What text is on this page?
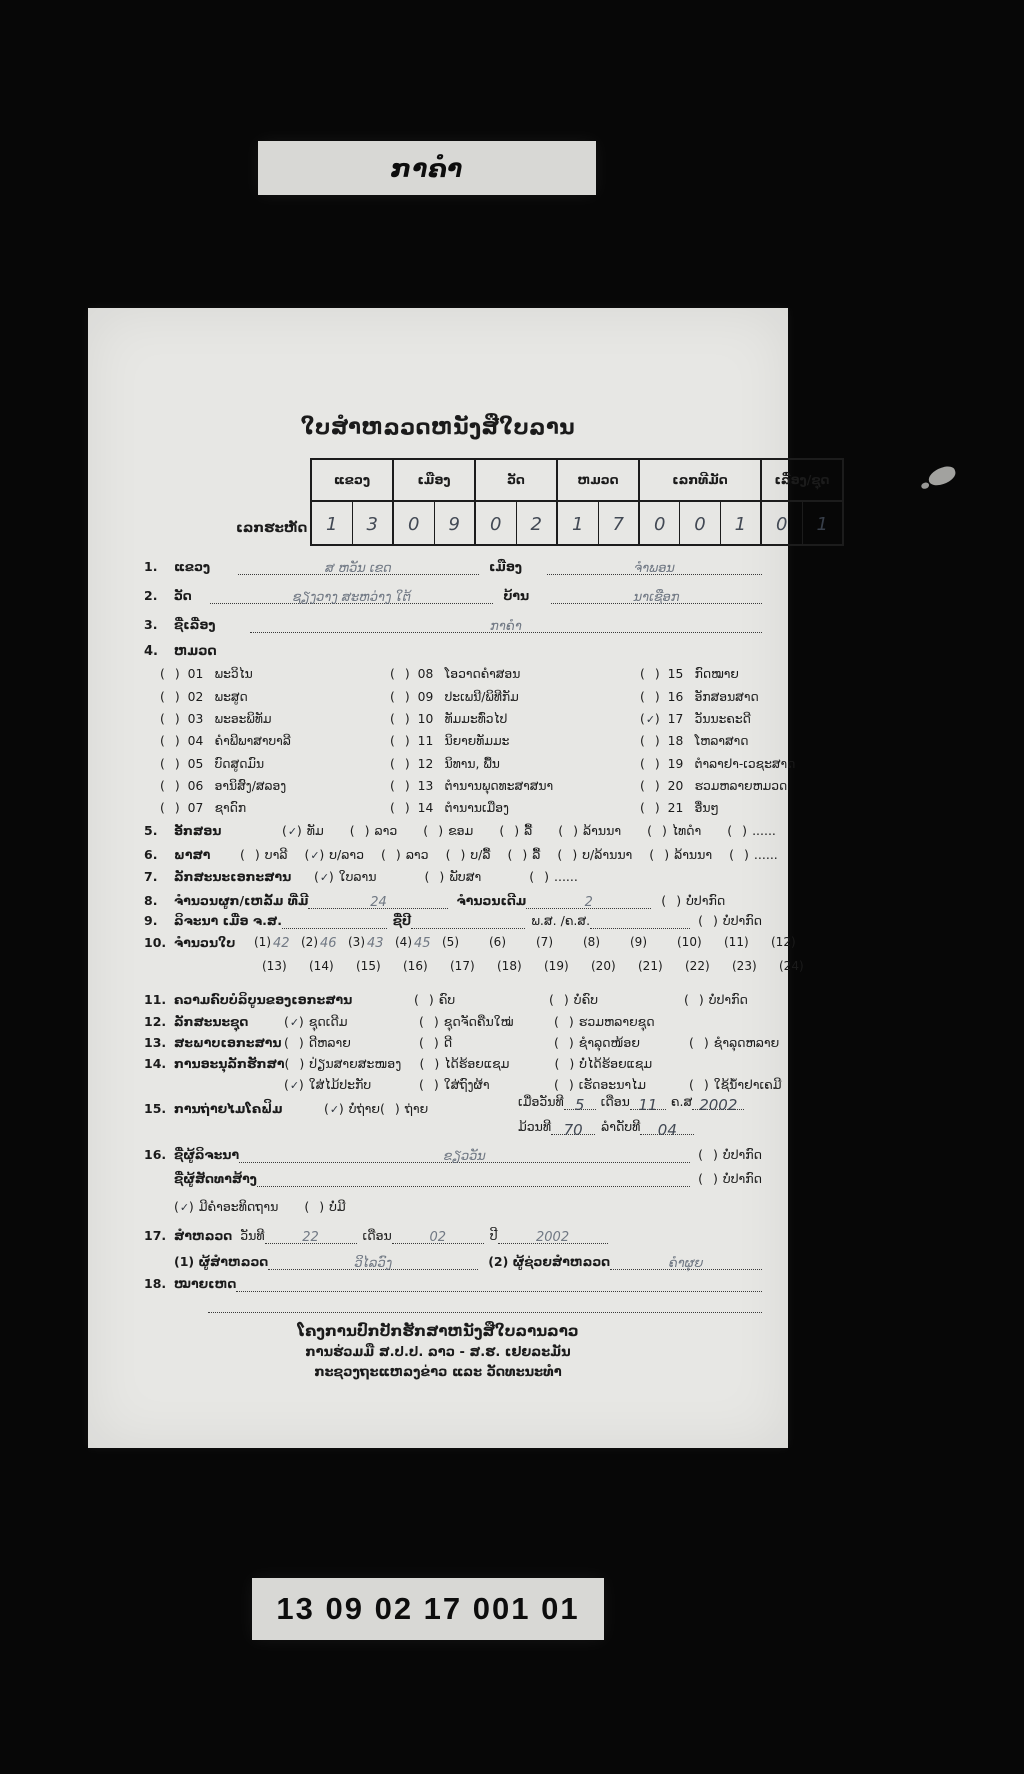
ກາຄຳ
ໃບສຳຫລວດຫນັງສືໃບລານ
ເລກຮະຫັດ
ແຂວງ
1 3
ເມືອງ
0 9
ວັດ
0 2
ຫມວດ
1 7
ເລກທີມັດ
0 0 1
ເລື່ອງ/ຊຸດ
0 1
1.	ແຂວງ	ສ ຫວັນ ເຂດ	ເມືອງ	ຈຳພອນ
2.	ວັດ	ຊຽງວາງ ສະຫວ່າງ ໃຕ້	ບ້ານ	ນາເຊືອກ
3.	ຊື່ເລື່ອງ	ກາຄຳ
4.	ຫມວດ
( ) 01 ພະວິໄນ
( ) 02 ພະສູດ
( ) 03 ພະອະພິທັມ
( ) 04 ຄຳພີພາສາບາລີ
( ) 05 ບົດສູດມົນ
( ) 06 ອານິສົງ/ສລອງ
( ) 07 ຊາດົກ
( ) 08 ໂອວາດຄຳສອນ
( ) 09 ປະເພນີ/ພິທີກັມ
( ) 10 ທັມມະທົ່ວໄປ
( ) 11 ນິຍາຍທັມມະ
( ) 12 ນິທານ, ພື້ນ
( ) 13 ຕຳນານພຸດທະສາສນາ
( ) 14 ຕຳນານເມືອງ
( ) 15 ກົດໝາຍ
( ) 16 ອັກສອນສາດ
(✓) 17 ວັນນະຄະດີ
( ) 18 ໂຫລາສາດ
( ) 19 ຕຳລາຢາ-ເວຊະສາດ
( ) 20 ຮວມຫລາຍຫມວດ
( ) 21 ອື່ນໆ
5.	ອັກສອນ	(✓) ທັມ ( ) ລາວ ( ) ຂອມ ( ) ລື້ ( ) ລ້ານນາ ( ) ໄທດຳ ( ) ......
6.	ພາສາ	( ) ບາລີ (✓) ບ/ລາວ ( ) ລາວ ( ) ບ/ລື້ ( ) ລື້ ( ) ບ/ລ້ານນາ ( ) ລ້ານນາ ( ) ......
7.	ລັກສະນະເອກະສານ	(✓) ໃບລານ	( ) ພັບສາ	( ) ......
8.	ຈຳນວນຜູກ/ເຫລັ້ມ ທີ່ມີ	24	ຈຳນວນເດີມ	2	( ) ບໍ່ປາກົດ
9.	ລິຈະນາ ເມື່ອ ຈ.ສ.	ຊື່ປີ	ພ.ສ. /ຄ.ສ.	( ) ບໍ່ປາກົດ
10. ຈຳນວນໃບ	(1) 42 (2) 46 (3) 43 (4) 45 (5)	(6)	(7)	(8)	(9)	(10) (11) (12)
(13) (14) (15) (16) (17) (18) (19) (20) (21) (22) (23) (24)
11. ຄວາມຄົບບໍລິບູນຂອງເອກະສານ	( ) ຄົບ	( ) ບໍ່ຄົບ	( ) ບໍ່ປາກົດ
12. ລັກສະນະຊຸດ	(✓) ຊຸດເດີມ	( ) ຊຸດຈັດຄືນໃໝ່	( ) ຮວມຫລາຍຊຸດ
13. ສະພາບເອກະສານ ( ) ດີຫລາຍ	( ) ດີ	( ) ຊຳລຸດໜ້ອຍ	( ) ຊຳລຸດຫລາຍ
14. ການອະນຸລັກຮັກສາ ( ) ປ່ຽນສາຍສະໜອງ ( ) ໄດ້ຮ້ອຍແຊມ	( ) ບໍ່ໄດ້ຮ້ອຍແຊມ
(✓) ໃສ່ໄມ້ປະກັບ	( ) ໃສ່ຖົງຜ້າ	( ) ເຮັດອະນາໄມ	( ) ໃຊ້ນ້ຳຢາເຄມີ
15. ການຖ່າຍໄມໂຄຟິມ	(✓) ບໍ່ຖ່າຍ ( ) ຖ່າຍ	ເມື່ອວັນທີ 5	ເດືອນ 11	ຄ.ສ 2002
ມ້ວນທີ 70	ລຳດັບທີ	04
16. ຊື່ຜູ້ລິຈະນາ	ຂຽວວັນ	( ) ບໍ່ປາກົດ
ຊື່ຜູ້ສັດທາສ້າງ	( ) ບໍ່ປາກົດ
(✓) ມີຄຳອະທິດຖານ ( ) ບໍ່ມີ
17. ສຳຫລວດ ວັນທີ	22	ເດືອນ	02	ປີ	2002
(1) ຜູ້ສຳຫລວດ	ວິໄລວົງ	(2) ຜູ້ຊ່ວຍສຳຫລວດ	ຄຳຜຸຍ
18. ໝາຍເຫດ
ໂຄງການປົກປັກຮັກສາຫນັງສືໃບລານລາວ
ການຮ່ວມມື ສ.ປ.ປ. ລາວ - ສ.ຮ. ເຢຍລະມັນ
ກະຊວງຖະແຫລງຂ່າວ ແລະ ວັດທະນະທຳ
13 09 02 17 001 01
